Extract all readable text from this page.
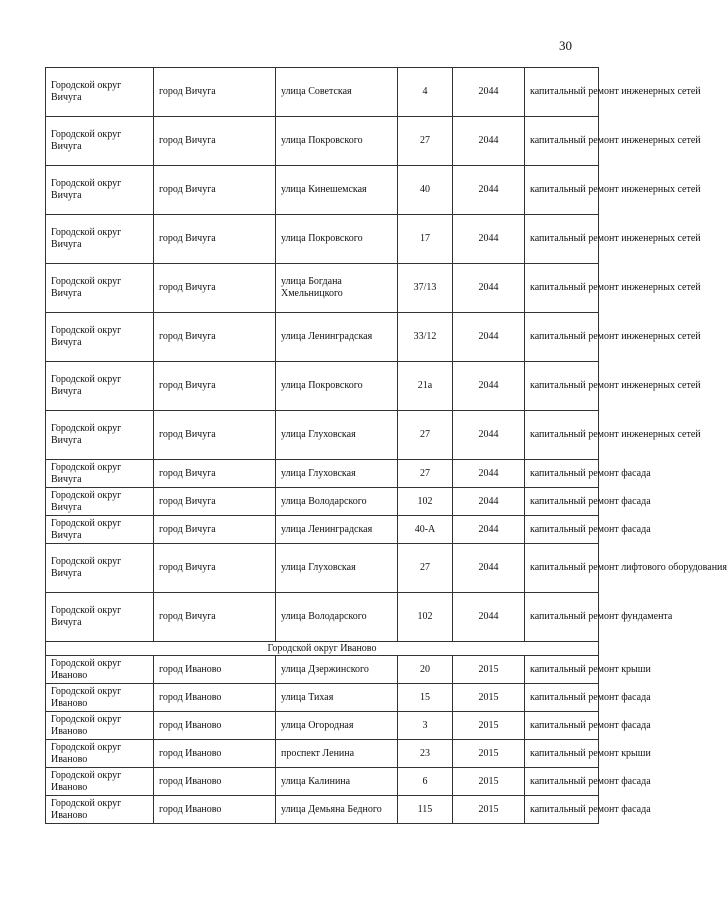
30
Городской округ Вичуга	город Вичуга	улица Советская	4	2044	капитальный ремонт инженерных сетей
Городской округ Вичуга	город Вичуга	улица Покровского	27	2044	капитальный ремонт инженерных сетей
Городской округ Вичуга	город Вичуга	улица Кинешемская	40	2044	капитальный ремонт инженерных сетей
Городской округ Вичуга	город Вичуга	улица Покровского	17	2044	капитальный ремонт инженерных сетей
Городской округ Вичуга	город Вичуга	улица Богдана Хмельницкого	37/13	2044	капитальный ремонт инженерных сетей
Городской округ Вичуга	город Вичуга	улица Ленинградская	33/12	2044	капитальный ремонт инженерных сетей
Городской округ Вичуга	город Вичуга	улица Покровского	21а	2044	капитальный ремонт инженерных сетей
Городской округ Вичуга	город Вичуга	улица Глуховская	27	2044	капитальный ремонт инженерных сетей
Городской округ Вичуга	город Вичуга	улица Глуховская	27	2044	капитальный ремонт фасада
Городской округ Вичуга	город Вичуга	улица Володарского	102	2044	капитальный ремонт фасада
Городской округ Вичуга	город Вичуга	улица Ленинградская	40-А	2044	капитальный ремонт фасада
Городской округ Вичуга	город Вичуга	улица Глуховская	27	2044	капитальный ремонт лифтового оборудования
Городской округ Вичуга	город Вичуга	улица Володарского	102	2044	капитальный ремонт фундамента
Городской округ Иваново					
Городской округ Иваново	город Иваново	улица Дзержинского	20	2015	капитальный ремонт крыши
Городской округ Иваново	город Иваново	улица Тихая	15	2015	капитальный ремонт фасада
Городской округ Иваново	город Иваново	улица Огородная	3	2015	капитальный ремонт фасада
Городской округ Иваново	город Иваново	проспект Ленина	23	2015	капитальный ремонт крыши
Городской округ Иваново	город Иваново	улица Калинина	6	2015	капитальный ремонт фасада
Городской округ Иваново	город Иваново	улица Демьяна Бедного	115	2015	капитальный ремонт фасада
